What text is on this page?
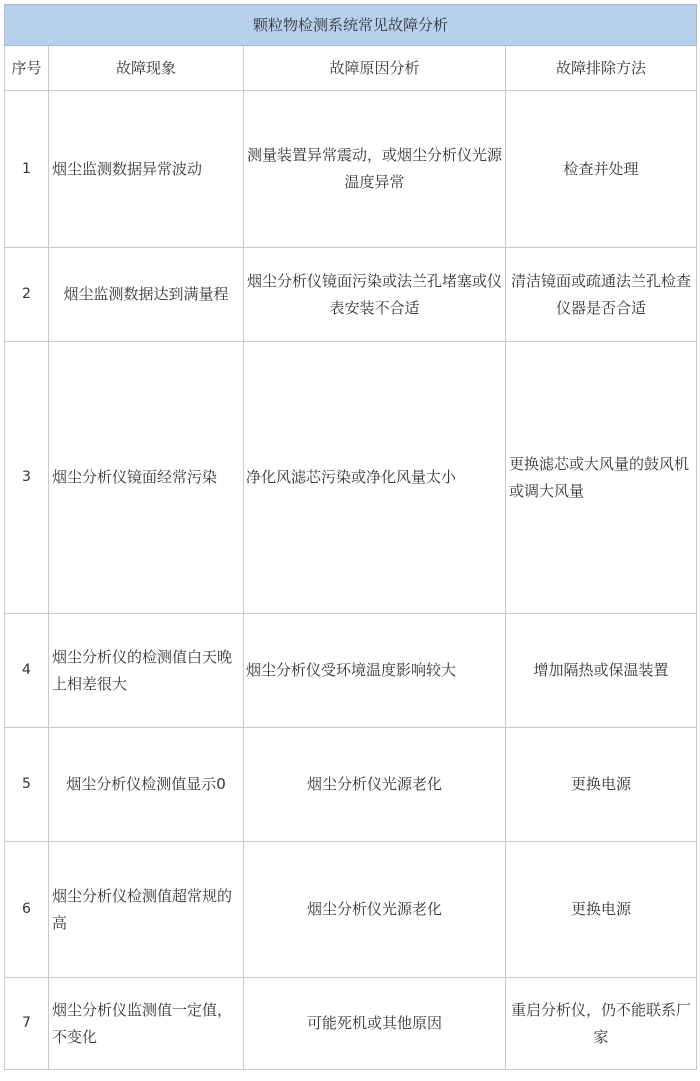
颗粒物检测系统常见故障分析			
序号	故障现象	故障原因分析	故障排除方法
1	烟尘监测数据异常波动	测量装置异常震动，或烟尘分析仪光源温度异常	检查并处理
2	烟尘监测数据达到满量程	烟尘分析仪镜面污染或法兰孔堵塞或仪表安装不合适	清洁镜面或疏通法兰孔检查仪器是否合适
3	烟尘分析仪镜面经常污染	净化风滤芯污染或净化风量太小	更换滤芯或大风量的鼓风机或调大风量
4	烟尘分析仪的检测值白天晚上相差很大	烟尘分析仪受环境温度影响较大	增加隔热或保温装置
5	烟尘分析仪检测值显示0	烟尘分析仪光源老化	更换电源
6	烟尘分析仪检测值超常规的高	烟尘分析仪光源老化	更换电源
7	烟尘分析仪监测值一定值，不变化	可能死机或其他原因	重启分析仪，仍不能联系厂家
